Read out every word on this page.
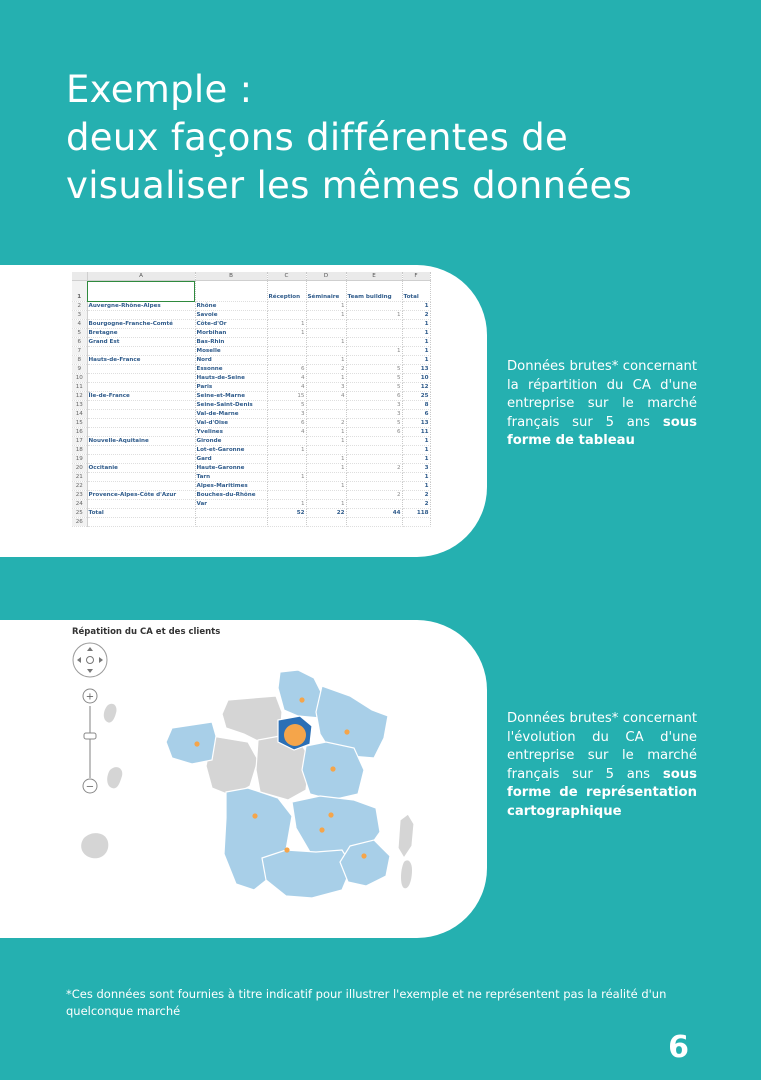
Exemple :
deux façons différentes de
visualiser les mêmes données
	A	B	C	D	E	F
1			Réception	Séminaire	Team building	Total
2	Auvergne-Rhône-Alpes	Rhône		1		1
3		Savoie		1	1	2
4	Bourgogne-Franche-Comté	Côte-d'Or	1			1
5	Bretagne	Morbihan	1			1
6	Grand Est	Bas-Rhin		1		1
7		Moselle			1	1
8	Hauts-de-France	Nord		1		1
9		Essonne	6	2	5	13
10		Hauts-de-Seine	4	1	5	10
11		Paris	4	3	5	12
12	Île-de-France	Seine-et-Marne	15	4	6	25
13		Seine-Saint-Denis	5		3	8
14		Val-de-Marne	3		3	6
15		Val-d'Oise	6	2	5	13
16		Yvelines	4	1	6	11
17	Nouvelle-Aquitaine	Gironde		1		1
18		Lot-et-Garonne	1			1
19		Gard		1		1
20	Occitanie	Haute-Garonne		1	2	3
21		Tarn	1			1
22		Alpes-Maritimes		1		1
23	Provence-Alpes-Côte d'Azur	Bouches-du-Rhône			2	2
24		Var	1	1		2
25	Total		52	22	44	118
26						
Données brutes* concernant la répartition du CA d'une entreprise sur le marché français sur 5 ans sous forme de tableau
Répatition du CA et des clients
+
−
Données brutes* concernant l'évolution du CA d'une entreprise sur le marché français sur 5 ans sous forme de représentation cartographique
*Ces données sont fournies à titre indicatif pour illustrer l'exemple et ne représentent pas la réalité d'un quelconque marché
6
